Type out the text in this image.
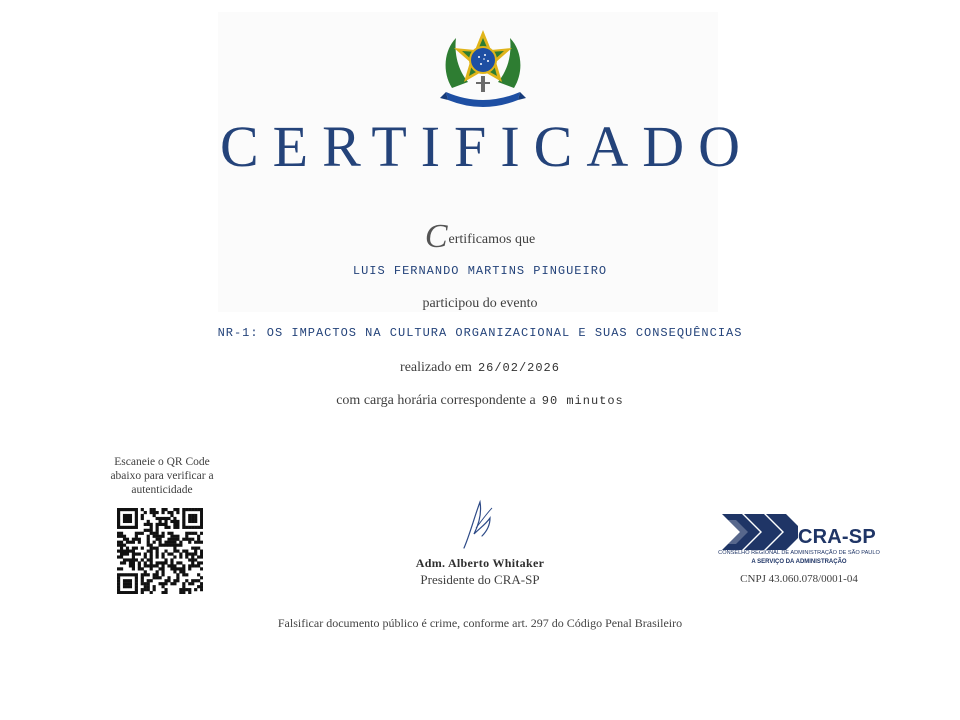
CERTIFICADO
Certificamos que
LUIS FERNANDO MARTINS PINGUEIRO
participou do evento
NR-1: OS IMPACTOS NA CULTURA ORGANIZACIONAL E SUAS CONSEQUÊNCIAS
realizado em 26/02/2026
com carga horária correspondente a 90 minutos
Escaneie o QR Code
abaixo para verificar a
autenticidade
Adm. Alberto Whitaker
Presidente do CRA-SP
CRA-SP
CONSELHO REGIONAL DE ADMINISTRAÇÃO DE SÃO PAULO
A SERVIÇO DA ADMINISTRAÇÃO
CNPJ 43.060.078/0001-04
Falsificar documento público é crime, conforme art. 297 do Código Penal Brasileiro
